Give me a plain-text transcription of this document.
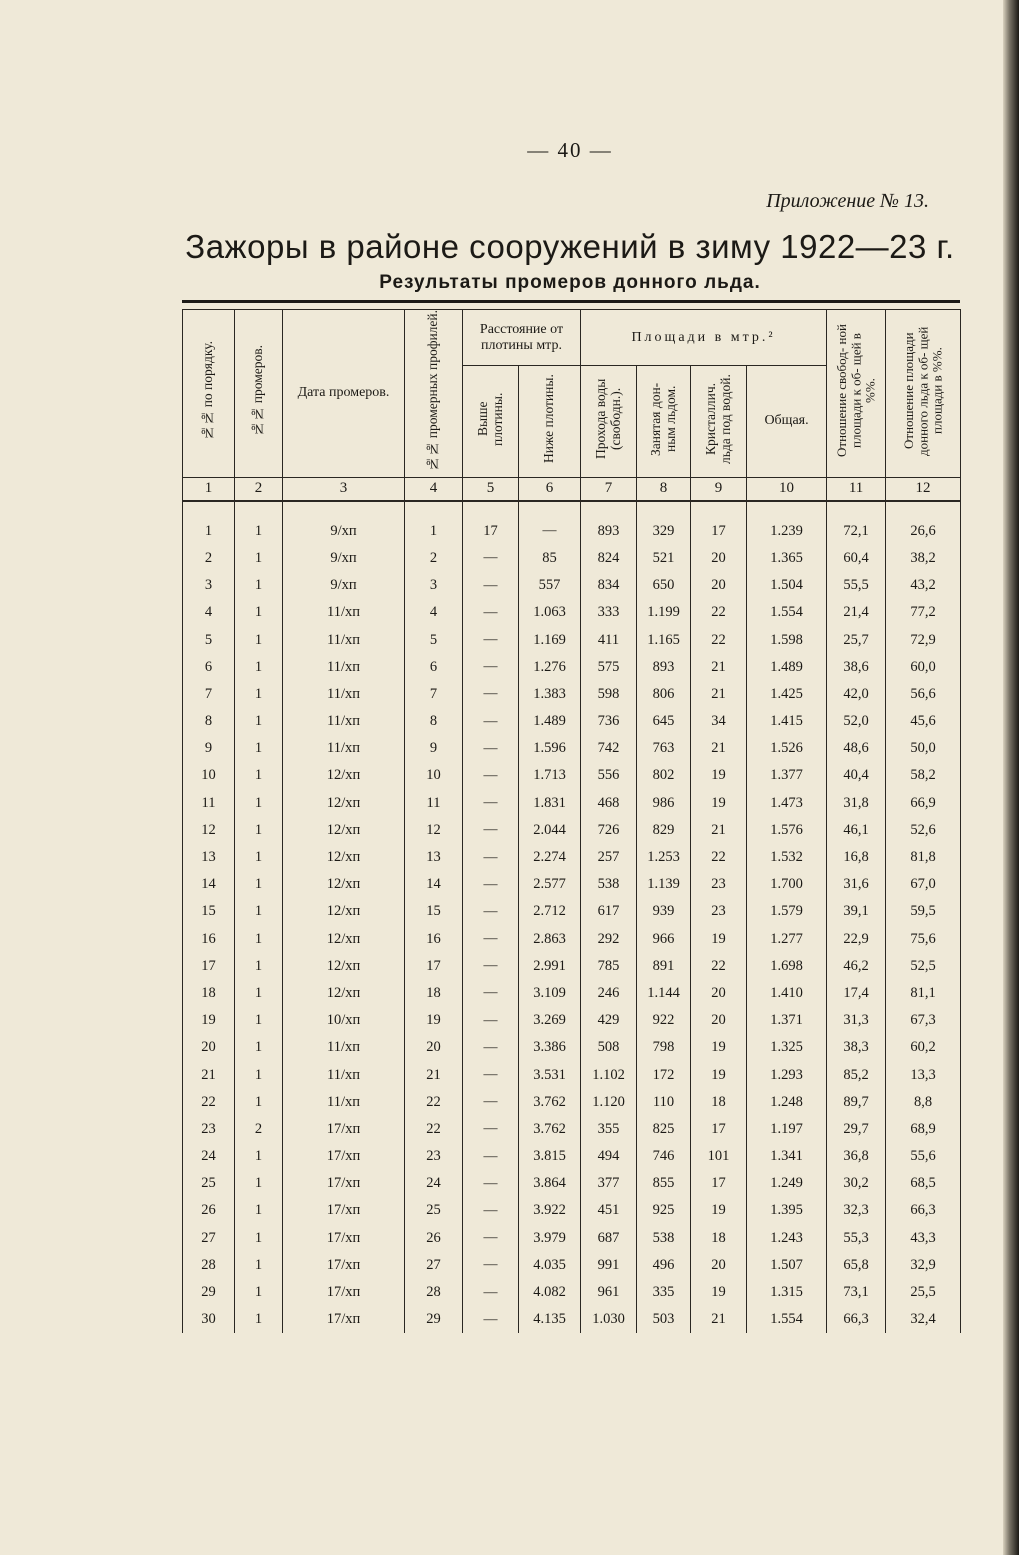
— 40 —
Приложение № 13.
Зажоры в районе сооружений в зиму 1922—23 г.
Результаты промеров донного льда.
№№ по порядку.	№№ промеров.	Дата промеров.	№№ промерных профилей.	Расстояние от плотины мтр.		Площади в мтр.²				Отношение свобод- ной площади к об- щей в %%.	Отношение площади донного льда к об- щей площади в %%.
				Выше плотины.	Ниже плотины.	Прохода воды (свободн.).	Занятая дон- ным льдом.	Кристаллич. льда под водой.	Общая.		
1	2	3	4	5	6	7	8	9	10	11	12

1	1	9/xп	1	17	—	893	329	17	1.239	72,1	26,6
2	1	9/xп	2	—	85	824	521	20	1.365	60,4	38,2
3	1	9/xп	3	—	557	834	650	20	1.504	55,5	43,2
4	1	11/xп	4	—	1.063	333	1.199	22	1.554	21,4	77,2
5	1	11/xп	5	—	1.169	411	1.165	22	1.598	25,7	72,9
6	1	11/xп	6	—	1.276	575	893	21	1.489	38,6	60,0
7	1	11/xп	7	—	1.383	598	806	21	1.425	42,0	56,6
8	1	11/xп	8	—	1.489	736	645	34	1.415	52,0	45,6
9	1	11/xп	9	—	1.596	742	763	21	1.526	48,6	50,0
10	1	12/xп	10	—	1.713	556	802	19	1.377	40,4	58,2
11	1	12/xп	11	—	1.831	468	986	19	1.473	31,8	66,9
12	1	12/xп	12	—	2.044	726	829	21	1.576	46,1	52,6
13	1	12/xп	13	—	2.274	257	1.253	22	1.532	16,8	81,8
14	1	12/xп	14	—	2.577	538	1.139	23	1.700	31,6	67,0
15	1	12/xп	15	—	2.712	617	939	23	1.579	39,1	59,5
16	1	12/xп	16	—	2.863	292	966	19	1.277	22,9	75,6
17	1	12/xп	17	—	2.991	785	891	22	1.698	46,2	52,5
18	1	12/xп	18	—	3.109	246	1.144	20	1.410	17,4	81,1
19	1	10/xп	19	—	3.269	429	922	20	1.371	31,3	67,3
20	1	11/xп	20	—	3.386	508	798	19	1.325	38,3	60,2
21	1	11/xп	21	—	3.531	1.102	172	19	1.293	85,2	13,3
22	1	11/xп	22	—	3.762	1.120	110	18	1.248	89,7	8,8
23	2	17/xп	22	—	3.762	355	825	17	1.197	29,7	68,9
24	1	17/xп	23	—	3.815	494	746	101	1.341	36,8	55,6
25	1	17/xп	24	—	3.864	377	855	17	1.249	30,2	68,5
26	1	17/xп	25	—	3.922	451	925	19	1.395	32,3	66,3
27	1	17/xп	26	—	3.979	687	538	18	1.243	55,3	43,3
28	1	17/xп	27	—	4.035	991	496	20	1.507	65,8	32,9
29	1	17/xп	28	—	4.082	961	335	19	1.315	73,1	25,5
30	1	17/xп	29	—	4.135	1.030	503	21	1.554	66,3	32,4
